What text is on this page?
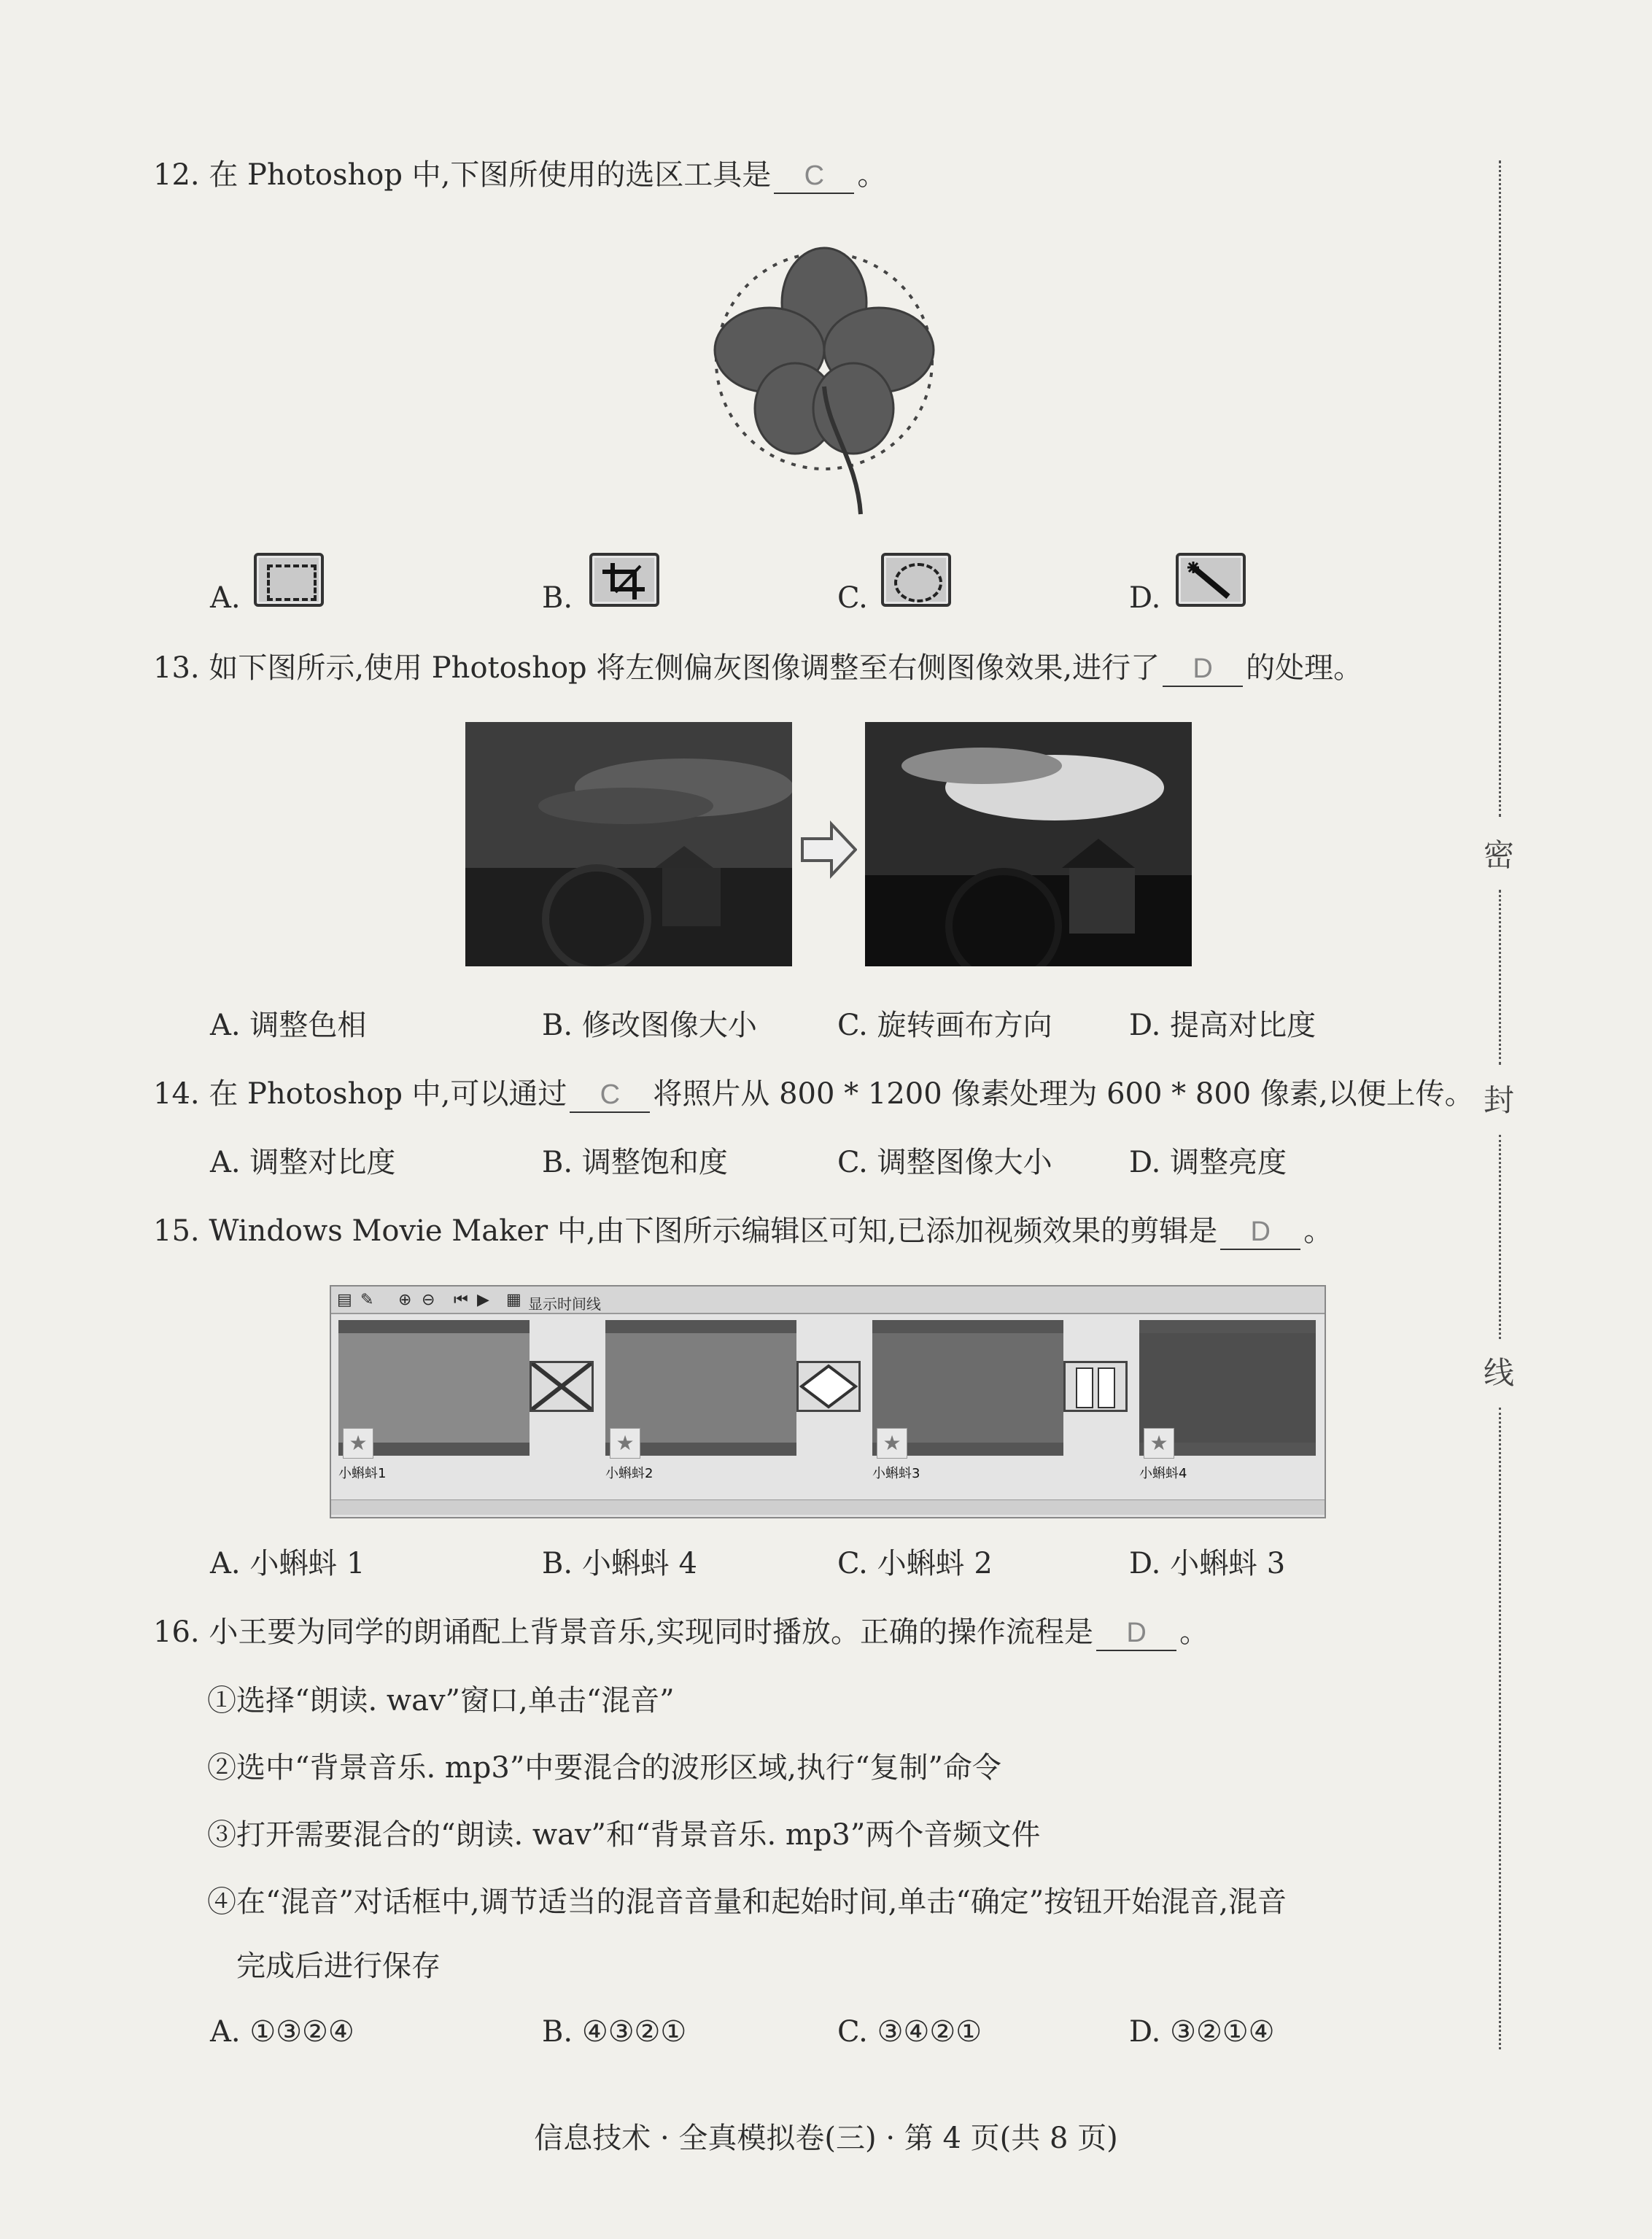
12. 在 Photoshop 中,下图所使用的选区工具是 C 。
A.	B.	C.	D.
13. 如下图所示,使用 Photoshop 将左侧偏灰图像调整至右侧图像效果,进行了 D 的处理。
A. 调整色相	B. 修改图像大小	C. 旋转画布方向	D. 提高对比度
14. 在 Photoshop 中,可以通过 C 将照片从 800 * 1200 像素处理为 600 * 800 像素,以便上传。
A. 调整对比度	B. 调整饱和度	C. 调整图像大小	D. 调整亮度
15. Windows Movie Maker 中,由下图所示编辑区可知,已添加视频效果的剪辑是 D 。
▤ ✎ ⊕ ⊖ ⏮ ▶ ▦ 显示时间线
★
小蝌蚪1
★
小蝌蚪2
★
小蝌蚪3
★
小蝌蚪4
A. 小蝌蚪 1	B. 小蝌蚪 4	C. 小蝌蚪 2	D. 小蝌蚪 3
16. 小王要为同学的朗诵配上背景音乐,实现同时播放。正确的操作流程是 D 。
①选择“朗读. wav”窗口,单击“混音”
②选中“背景音乐. mp3”中要混合的波形区域,执行“复制”命令
③打开需要混合的“朗读. wav”和“背景音乐. mp3”两个音频文件
④在“混音”对话框中,调节适当的混音音量和起始时间,单击“确定”按钮开始混音,混音
完成后进行保存
A. ①③②④	B. ④③②①	C. ③④②①	D. ③②①④
信息技术 · 全真模拟卷(三) · 第 4 页(共 8 页)
密
封
线
